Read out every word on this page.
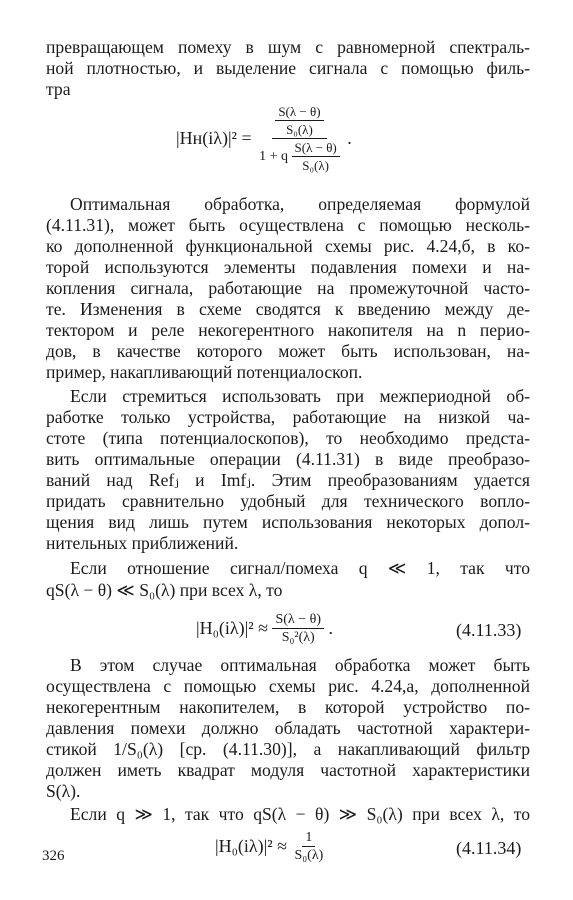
превращающем помеху в шум с равномерной спектраль-
ной плотностью, и выделение сигнала с помощью филь-
тра
$|Hн(i\lambda)|^2 = \frac{\frac{S(\lambda - \theta)}{\text{S₀(λ)}}}{1 + q \frac{S(\lambda - \theta)}{\text{S₀(λ)}}}$ .
Оптимальная обработка, определяемая формулой
(4.11.31), может быть осуществлена с помощью несколь-
ко дополненной функциональной схемы рис. 4.24,б, в ко-
торой используются элементы подавления помехи и на-
копления сигнала, работающие на промежуточной часто-
те. Изменения в схеме сводятся к введению между де-
тектором и реле некогерентного накопителя на n перио-
дов, в качестве которого может быть использован, на-
пример, накапливающий потенциалоскоп.
Если стремиться использовать при межпериодной об-
работке только устройства, работающие на низкой ча-
стоте (типа потенциалоскопов), то необходимо предста-
вить оптимальные операции (4.11.31) в виде преобразо-
ваний над Refⱼ и Imfⱼ. Этим преобразованиям удается
придать сравнительно удобный для технического вопло-
щения вид лишь путем использования некоторых допол-
нительных приближений.
Если отношение сигнал/помеха q ≪ 1, так что
qS(λ − θ) ≪ S₀(λ) при всех λ, то
$|H_0(i\lambda)|^2 \approx \frac{S(\lambda - \theta)}{\text{S₀²(λ)}}$ .	(4.11.33)
В этом случае оптимальная обработка может быть
осуществлена с помощью схемы рис. 4.24,а, дополненной
некогерентным накопителем, в которой устройство по-
давления помехи должно обладать частотной характери-
стикой 1/S₀(λ) [ср. (4.11.30)], а накапливающий фильтр
должен иметь квадрат модуля частотной характеристики
S(λ).
Если q ≫ 1, так что qS(λ − θ) ≫ S₀(λ) при всех λ, то
$|H_0(i\lambda)|^2 \approx \frac{1}{\text{S₀(λ)}}$	(4.11.34)
326
